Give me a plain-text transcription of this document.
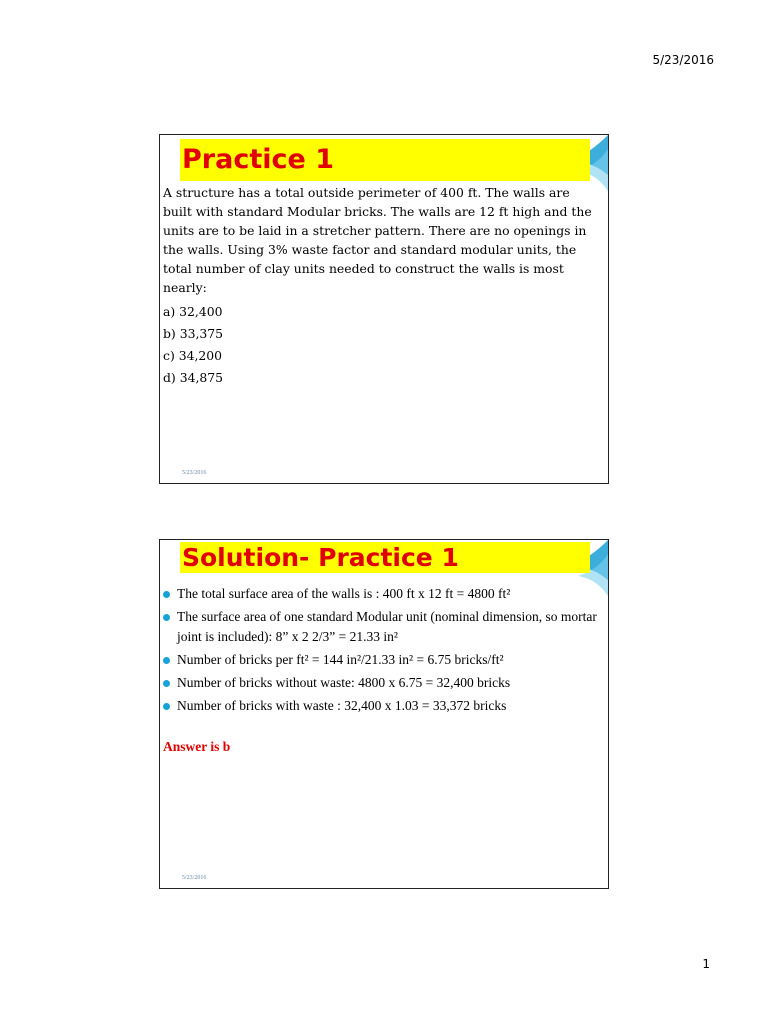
5/23/2016
Practice 1
A structure has a total outside perimeter of 400 ft. The walls are built with standard Modular bricks. The walls are 12 ft high and the units are to be laid in a stretcher pattern. There are no openings in the walls. Using 3% waste factor and standard modular units, the total number of clay units needed to construct the walls is most nearly:
a) 32,400
b) 33,375
c) 34,200
d) 34,875
5/23/2016
Solution- Practice 1
The total surface area of the walls is : 400 ft x 12 ft = 4800 ft²
The surface area of one standard Modular unit (nominal dimension, so mortar joint is included): 8” x 2 2/3” = 21.33 in²
Number of bricks per ft² = 144 in²/21.33 in² = 6.75 bricks/ft²
Number of bricks without waste: 4800 x 6.75 = 32,400 bricks
Number of bricks with waste : 32,400 x 1.03 = 33,372 bricks
Answer is b
5/23/2016
1
